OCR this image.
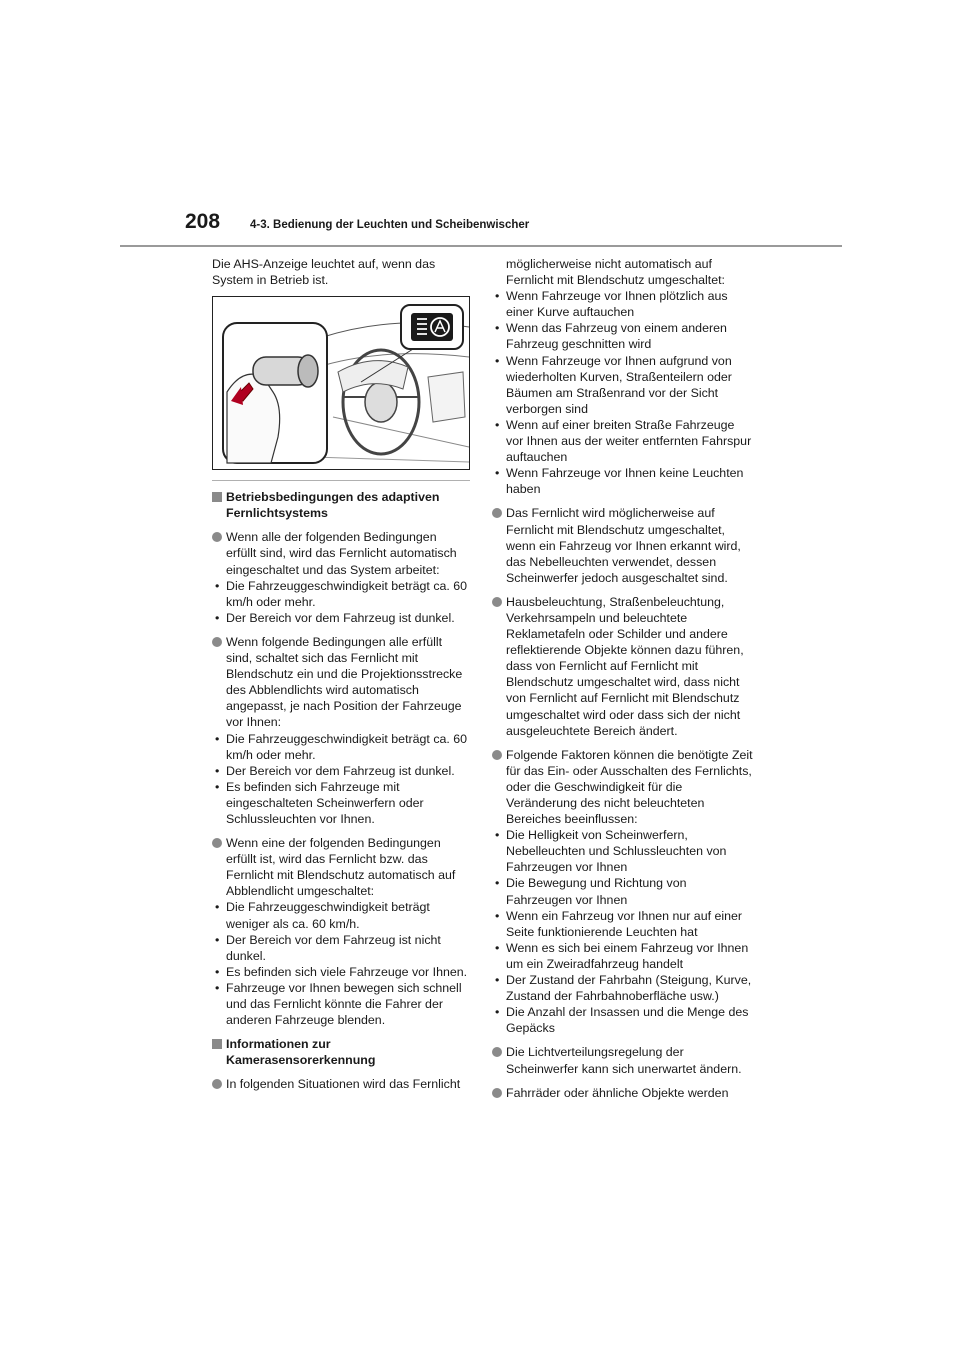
208	4-3. Bedienung der Leuchten und Scheibenwischer

Die AHS-Anzeige leuchtet auf, wenn das System in Betrieb ist.

Betriebsbedingungen des adaptiven Fernlichtsystems

Wenn alle der folgenden Bedingungen erfüllt sind, wird das Fernlicht automatisch eingeschaltet und das System arbeitet:

• Die Fahrzeuggeschwindigkeit beträgt ca. 60 km/h oder mehr.

• Der Bereich vor dem Fahrzeug ist dunkel.

Wenn folgende Bedingungen alle erfüllt sind, schaltet sich das Fernlicht mit Blendschutz ein und die Projektionsstrecke des Abblendlichts wird automatisch angepasst, je nach Position der Fahrzeuge vor Ihnen:

• Die Fahrzeuggeschwindigkeit beträgt ca. 60 km/h oder mehr.

• Der Bereich vor dem Fahrzeug ist dunkel.

• Es befinden sich Fahrzeuge mit eingeschalteten Scheinwerfern oder Schlussleuchten vor Ihnen.

Wenn eine der folgenden Bedingungen erfüllt ist, wird das Fernlicht bzw. das Fernlicht mit Blendschutz automatisch auf Abblendlicht umgeschaltet:

• Die Fahrzeuggeschwindigkeit beträgt weniger als ca. 60 km/h.

• Der Bereich vor dem Fahrzeug ist nicht dunkel.

• Es befinden sich viele Fahrzeuge vor Ihnen.

• Fahrzeuge vor Ihnen bewegen sich schnell und das Fernlicht könnte die Fahrer der anderen Fahrzeuge blenden.

Informationen zur Kamerasensorerkennung

In folgenden Situationen wird das Fernlicht

möglicherweise nicht automatisch auf Fernlicht mit Blendschutz umgeschaltet:

• Wenn Fahrzeuge vor Ihnen plötzlich aus einer Kurve auftauchen

• Wenn das Fahrzeug von einem anderen Fahrzeug geschnitten wird

• Wenn Fahrzeuge vor Ihnen aufgrund von wiederholten Kurven, Straßenteilern oder Bäumen am Straßenrand vor der Sicht verborgen sind

• Wenn auf einer breiten Straße Fahrzeuge vor Ihnen aus der weiter entfernten Fahrspur auftauchen

• Wenn Fahrzeuge vor Ihnen keine Leuchten haben

Das Fernlicht wird möglicherweise auf Fernlicht mit Blendschutz umgeschaltet, wenn ein Fahrzeug vor Ihnen erkannt wird, das Nebelleuchten verwendet, dessen Scheinwerfer jedoch ausgeschaltet sind.

Hausbeleuchtung, Straßenbeleuchtung, Verkehrsampeln und beleuchtete Reklametafeln oder Schilder und andere reflektierende Objekte können dazu führen, dass von Fernlicht auf Fernlicht mit Blendschutz umgeschaltet wird, dass nicht von Fernlicht auf Fernlicht mit Blendschutz umgeschaltet wird oder dass sich der nicht ausgeleuchtete Bereich ändert.

Folgende Faktoren können die benötigte Zeit für das Ein- oder Ausschalten des Fernlichts, oder die Geschwindigkeit für die Veränderung des nicht beleuchteten Bereiches beeinflussen:

• Die Helligkeit von Scheinwerfern, Nebelleuchten und Schlussleuchten von Fahrzeugen vor Ihnen

• Die Bewegung und Richtung von Fahrzeugen vor Ihnen

• Wenn ein Fahrzeug vor Ihnen nur auf einer Seite funktionierende Leuchten hat

• Wenn es sich bei einem Fahrzeug vor Ihnen um ein Zweiradfahrzeug handelt

• Der Zustand der Fahrbahn (Steigung, Kurve, Zustand der Fahrbahnoberfläche usw.)

• Die Anzahl der Insassen und die Menge des Gepäcks

Die Lichtverteilungsregelung der Scheinwerfer kann sich unerwartet ändern.

Fahrräder oder ähnliche Objekte werden
